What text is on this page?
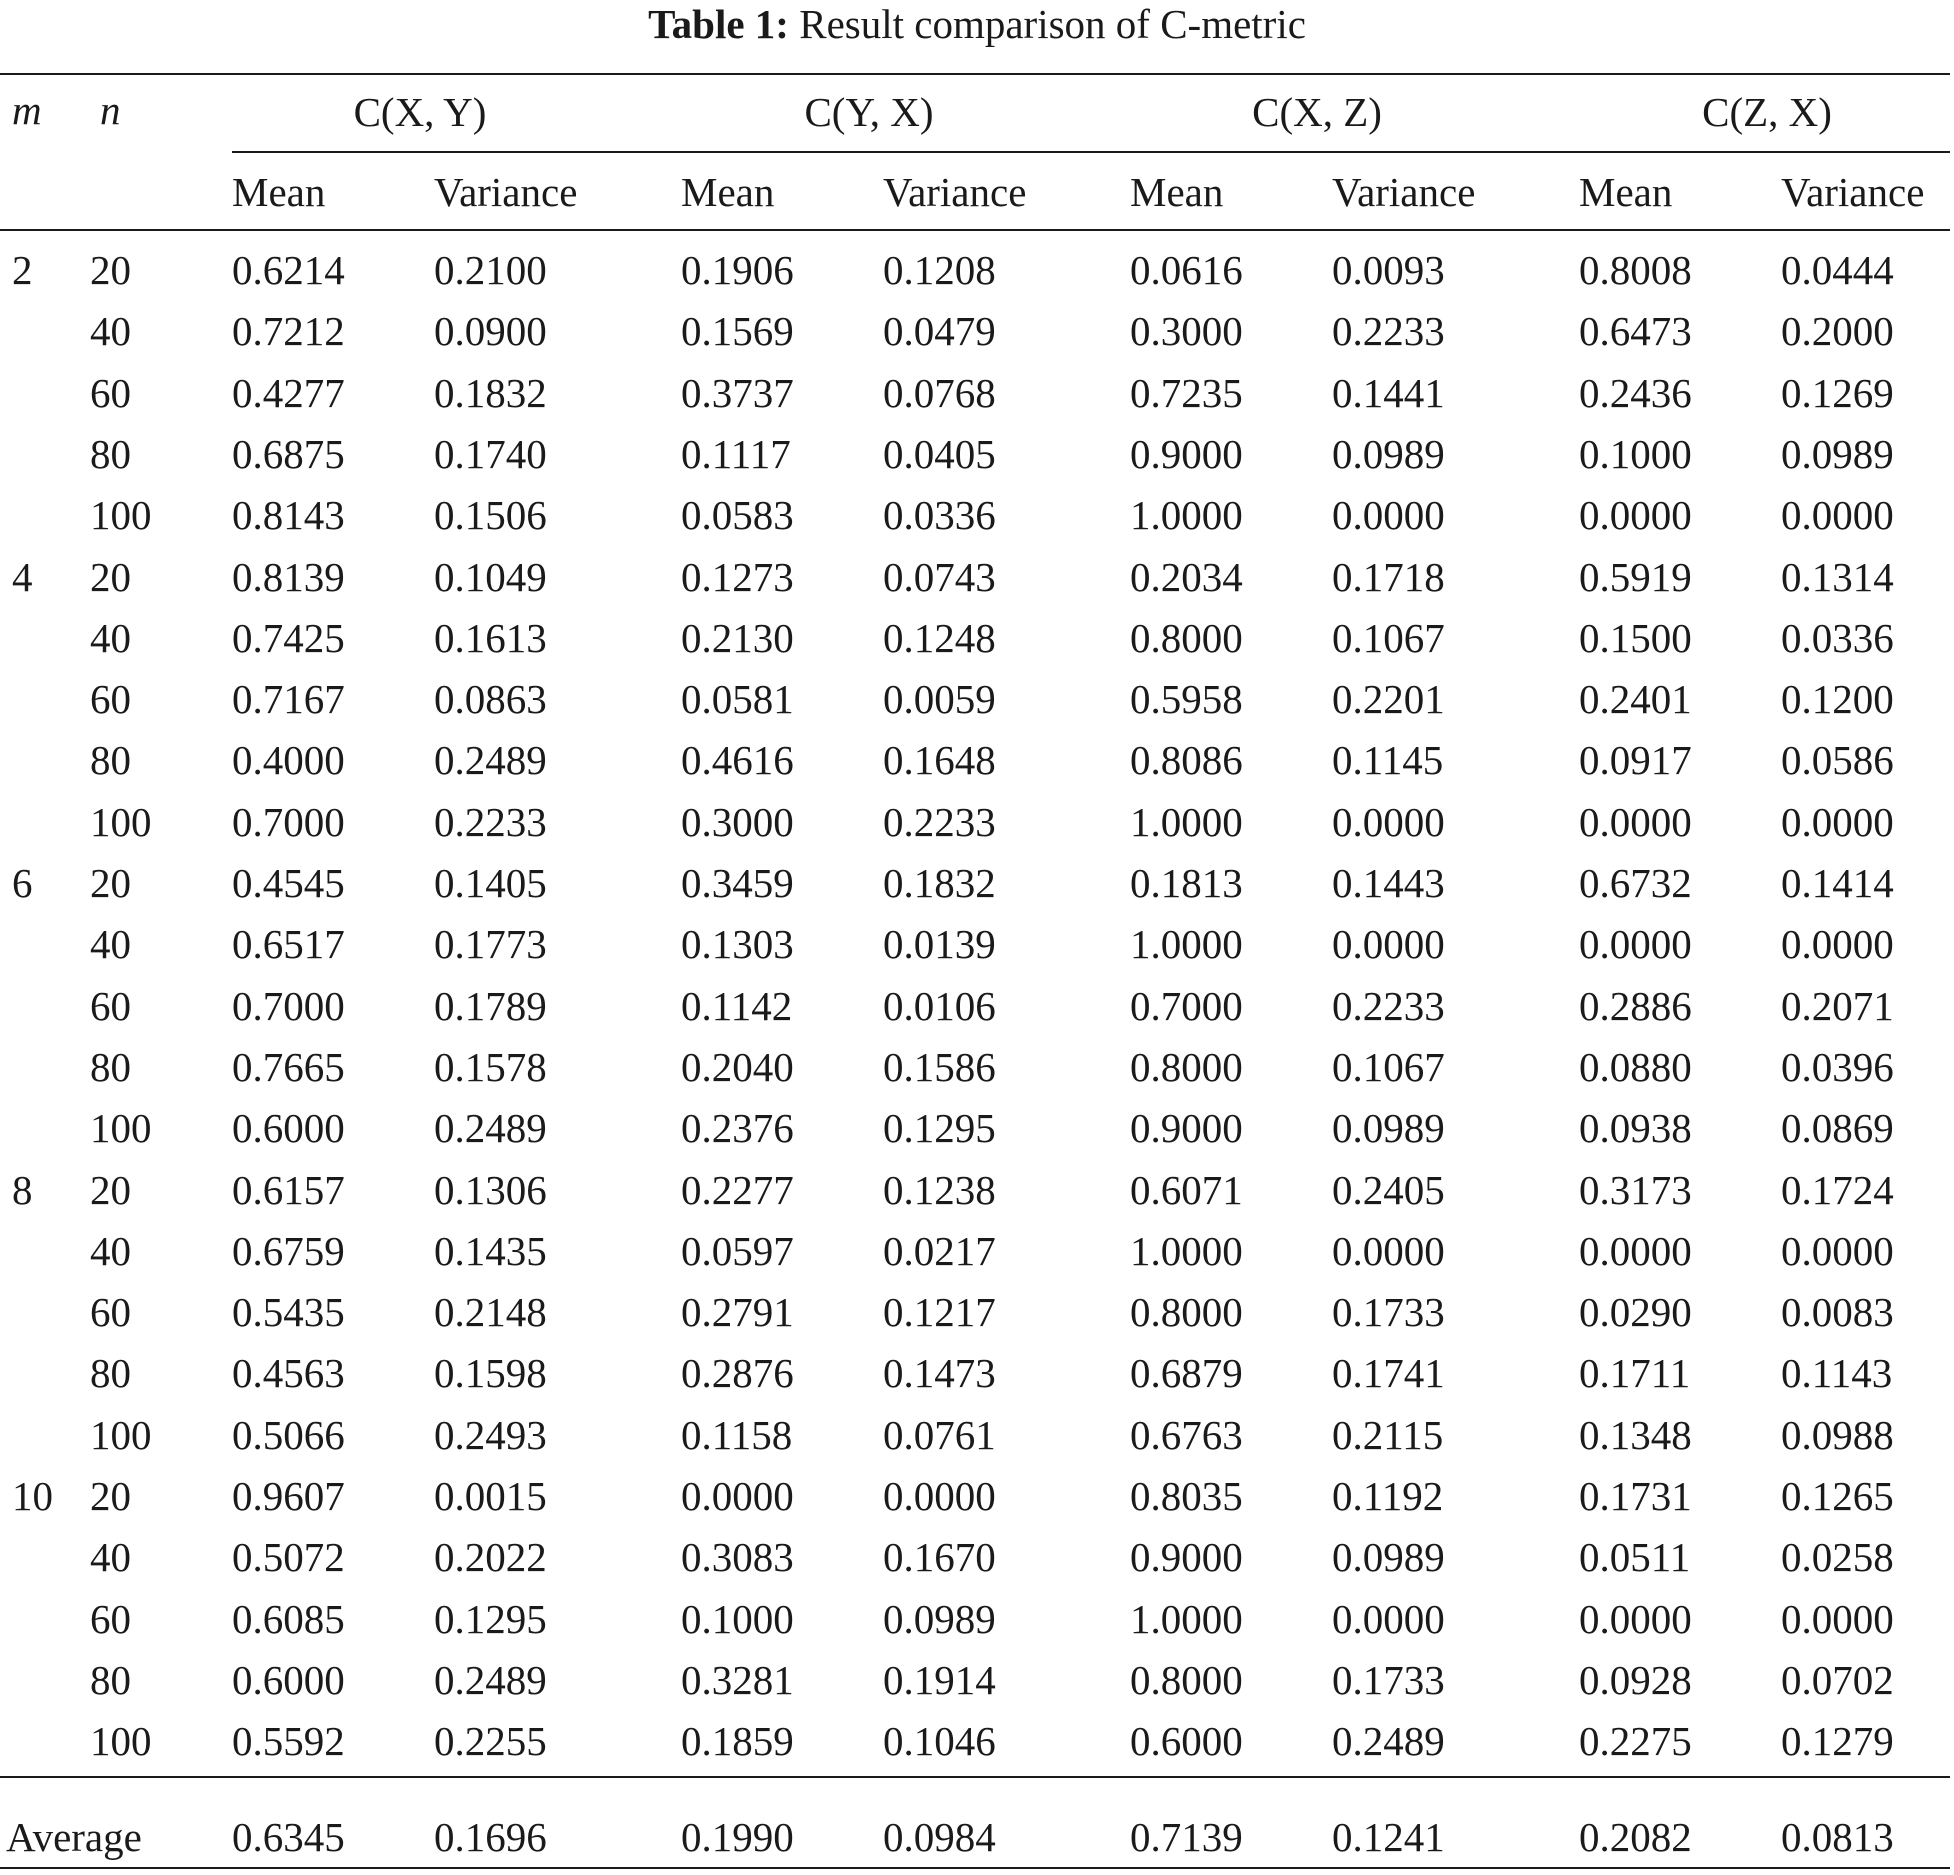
Table 1: Result comparison of C-metric
m n	C(X, Y)	C(Y, X)	C(X, Z)	C(Z, X)
Mean	Variance	Mean	Variance	Mean	Variance	Mean	Variance
2 20 0.6214 0.2100	0.1906 0.1208	0.0616 0.0093	0.8008 0.0444
40 0.7212 0.0900	0.1569 0.0479	0.3000 0.2233	0.6473 0.2000
60 0.4277 0.1832	0.3737 0.0768	0.7235 0.1441	0.2436 0.1269
80 0.6875 0.1740	0.1117 0.0405	0.9000 0.0989	0.1000 0.0989
100 0.8143 0.1506	0.0583 0.0336	1.0000 0.0000	0.0000 0.0000
4 20 0.8139 0.1049	0.1273 0.0743	0.2034 0.1718	0.5919 0.1314
40 0.7425 0.1613	0.2130 0.1248	0.8000 0.1067	0.1500 0.0336
60 0.7167 0.0863	0.0581 0.0059	0.5958 0.2201	0.2401 0.1200
80 0.4000 0.2489	0.4616 0.1648	0.8086 0.1145	0.0917 0.0586
100 0.7000 0.2233	0.3000 0.2233	1.0000 0.0000	0.0000 0.0000
6 20 0.4545 0.1405	0.3459 0.1832	0.1813 0.1443	0.6732 0.1414
40 0.6517 0.1773	0.1303 0.0139	1.0000 0.0000	0.0000 0.0000
60 0.7000 0.1789	0.1142 0.0106	0.7000 0.2233	0.2886 0.2071
80 0.7665 0.1578	0.2040 0.1586	0.8000 0.1067	0.0880 0.0396
100 0.6000 0.2489	0.2376 0.1295	0.9000 0.0989	0.0938 0.0869
8 20 0.6157 0.1306	0.2277 0.1238	0.6071 0.2405	0.3173 0.1724
40 0.6759 0.1435	0.0597 0.0217	1.0000 0.0000	0.0000 0.0000
60 0.5435 0.2148	0.2791 0.1217	0.8000 0.1733	0.0290 0.0083
80 0.4563 0.1598	0.2876 0.1473	0.6879 0.1741	0.1711 0.1143
100 0.5066 0.2493	0.1158 0.0761	0.6763 0.2115	0.1348 0.0988
10 20 0.9607 0.0015	0.0000 0.0000	0.8035 0.1192	0.1731 0.1265
40 0.5072 0.2022	0.3083 0.1670	0.9000 0.0989	0.0511 0.0258
60 0.6085 0.1295	0.1000 0.0989	1.0000 0.0000	0.0000 0.0000
80 0.6000 0.2489	0.3281 0.1914	0.8000 0.1733	0.0928 0.0702
100 0.5592 0.2255	0.1859 0.1046	0.6000 0.2489	0.2275 0.1279
Average 0.6345 0.1696	0.1990 0.0984	0.7139 0.1241	0.2082 0.0813
